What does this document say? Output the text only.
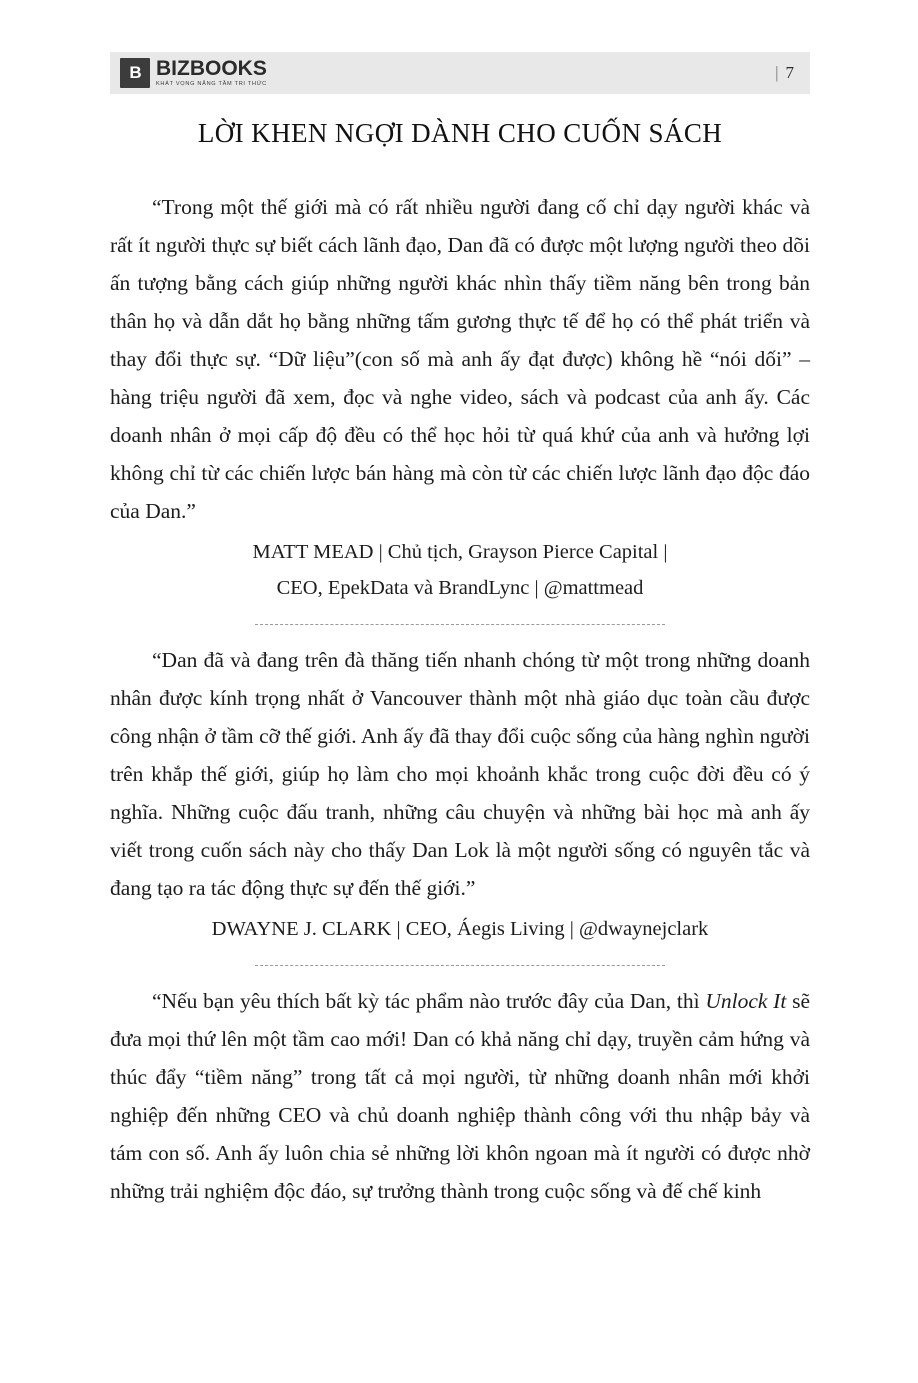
B BIZBOOKS
KHÁT VỌNG NÂNG TẦM TRI THỨC
| 7
LỜI KHEN NGỢI DÀNH CHO CUỐN SÁCH

“Trong một thế giới mà có rất nhiều người đang cố chỉ dạy người khác và rất ít người thực sự biết cách lãnh đạo, Dan đã có được một lượng người theo dõi ấn tượng bằng cách giúp những người khác nhìn thấy tiềm năng bên trong bản thân họ và dẫn dắt họ bằng những tấm gương thực tế để họ có thể phát triển và thay đổi thực sự. “Dữ liệu”(con số mà anh ấy đạt được) không hề “nói dối” – hàng triệu người đã xem, đọc và nghe video, sách và podcast của anh ấy. Các doanh nhân ở mọi cấp độ đều có thể học hỏi từ quá khứ của anh và hưởng lợi không chỉ từ các chiến lược bán hàng mà còn từ các chiến lược lãnh đạo độc đáo của Dan.”

MATT MEAD | Chủ tịch, Grayson Pierce Capital |
CEO, EpekData và BrandLync | @mattmead

“Dan đã và đang trên đà thăng tiến nhanh chóng từ một trong những doanh nhân được kính trọng nhất ở Vancouver thành một nhà giáo dục toàn cầu được công nhận ở tầm cỡ thế giới. Anh ấy đã thay đổi cuộc sống của hàng nghìn người trên khắp thế giới, giúp họ làm cho mọi khoảnh khắc trong cuộc đời đều có ý nghĩa. Những cuộc đấu tranh, những câu chuyện và những bài học mà anh ấy viết trong cuốn sách này cho thấy Dan Lok là một người sống có nguyên tắc và đang tạo ra tác động thực sự đến thế giới.”

DWAYNE J. CLARK | CEO, Áegis Living | @dwaynejclark

“Nếu bạn yêu thích bất kỳ tác phẩm nào trước đây của Dan, thì Unlock It sẽ đưa mọi thứ lên một tầm cao mới! Dan có khả năng chỉ dạy, truyền cảm hứng và thúc đẩy “tiềm năng” trong tất cả mọi người, từ những doanh nhân mới khởi nghiệp đến những CEO và chủ doanh nghiệp thành công với thu nhập bảy và tám con số. Anh ấy luôn chia sẻ những lời khôn ngoan mà ít người có được nhờ những trải nghiệm độc đáo, sự trưởng thành trong cuộc sống và đế chế kinh
